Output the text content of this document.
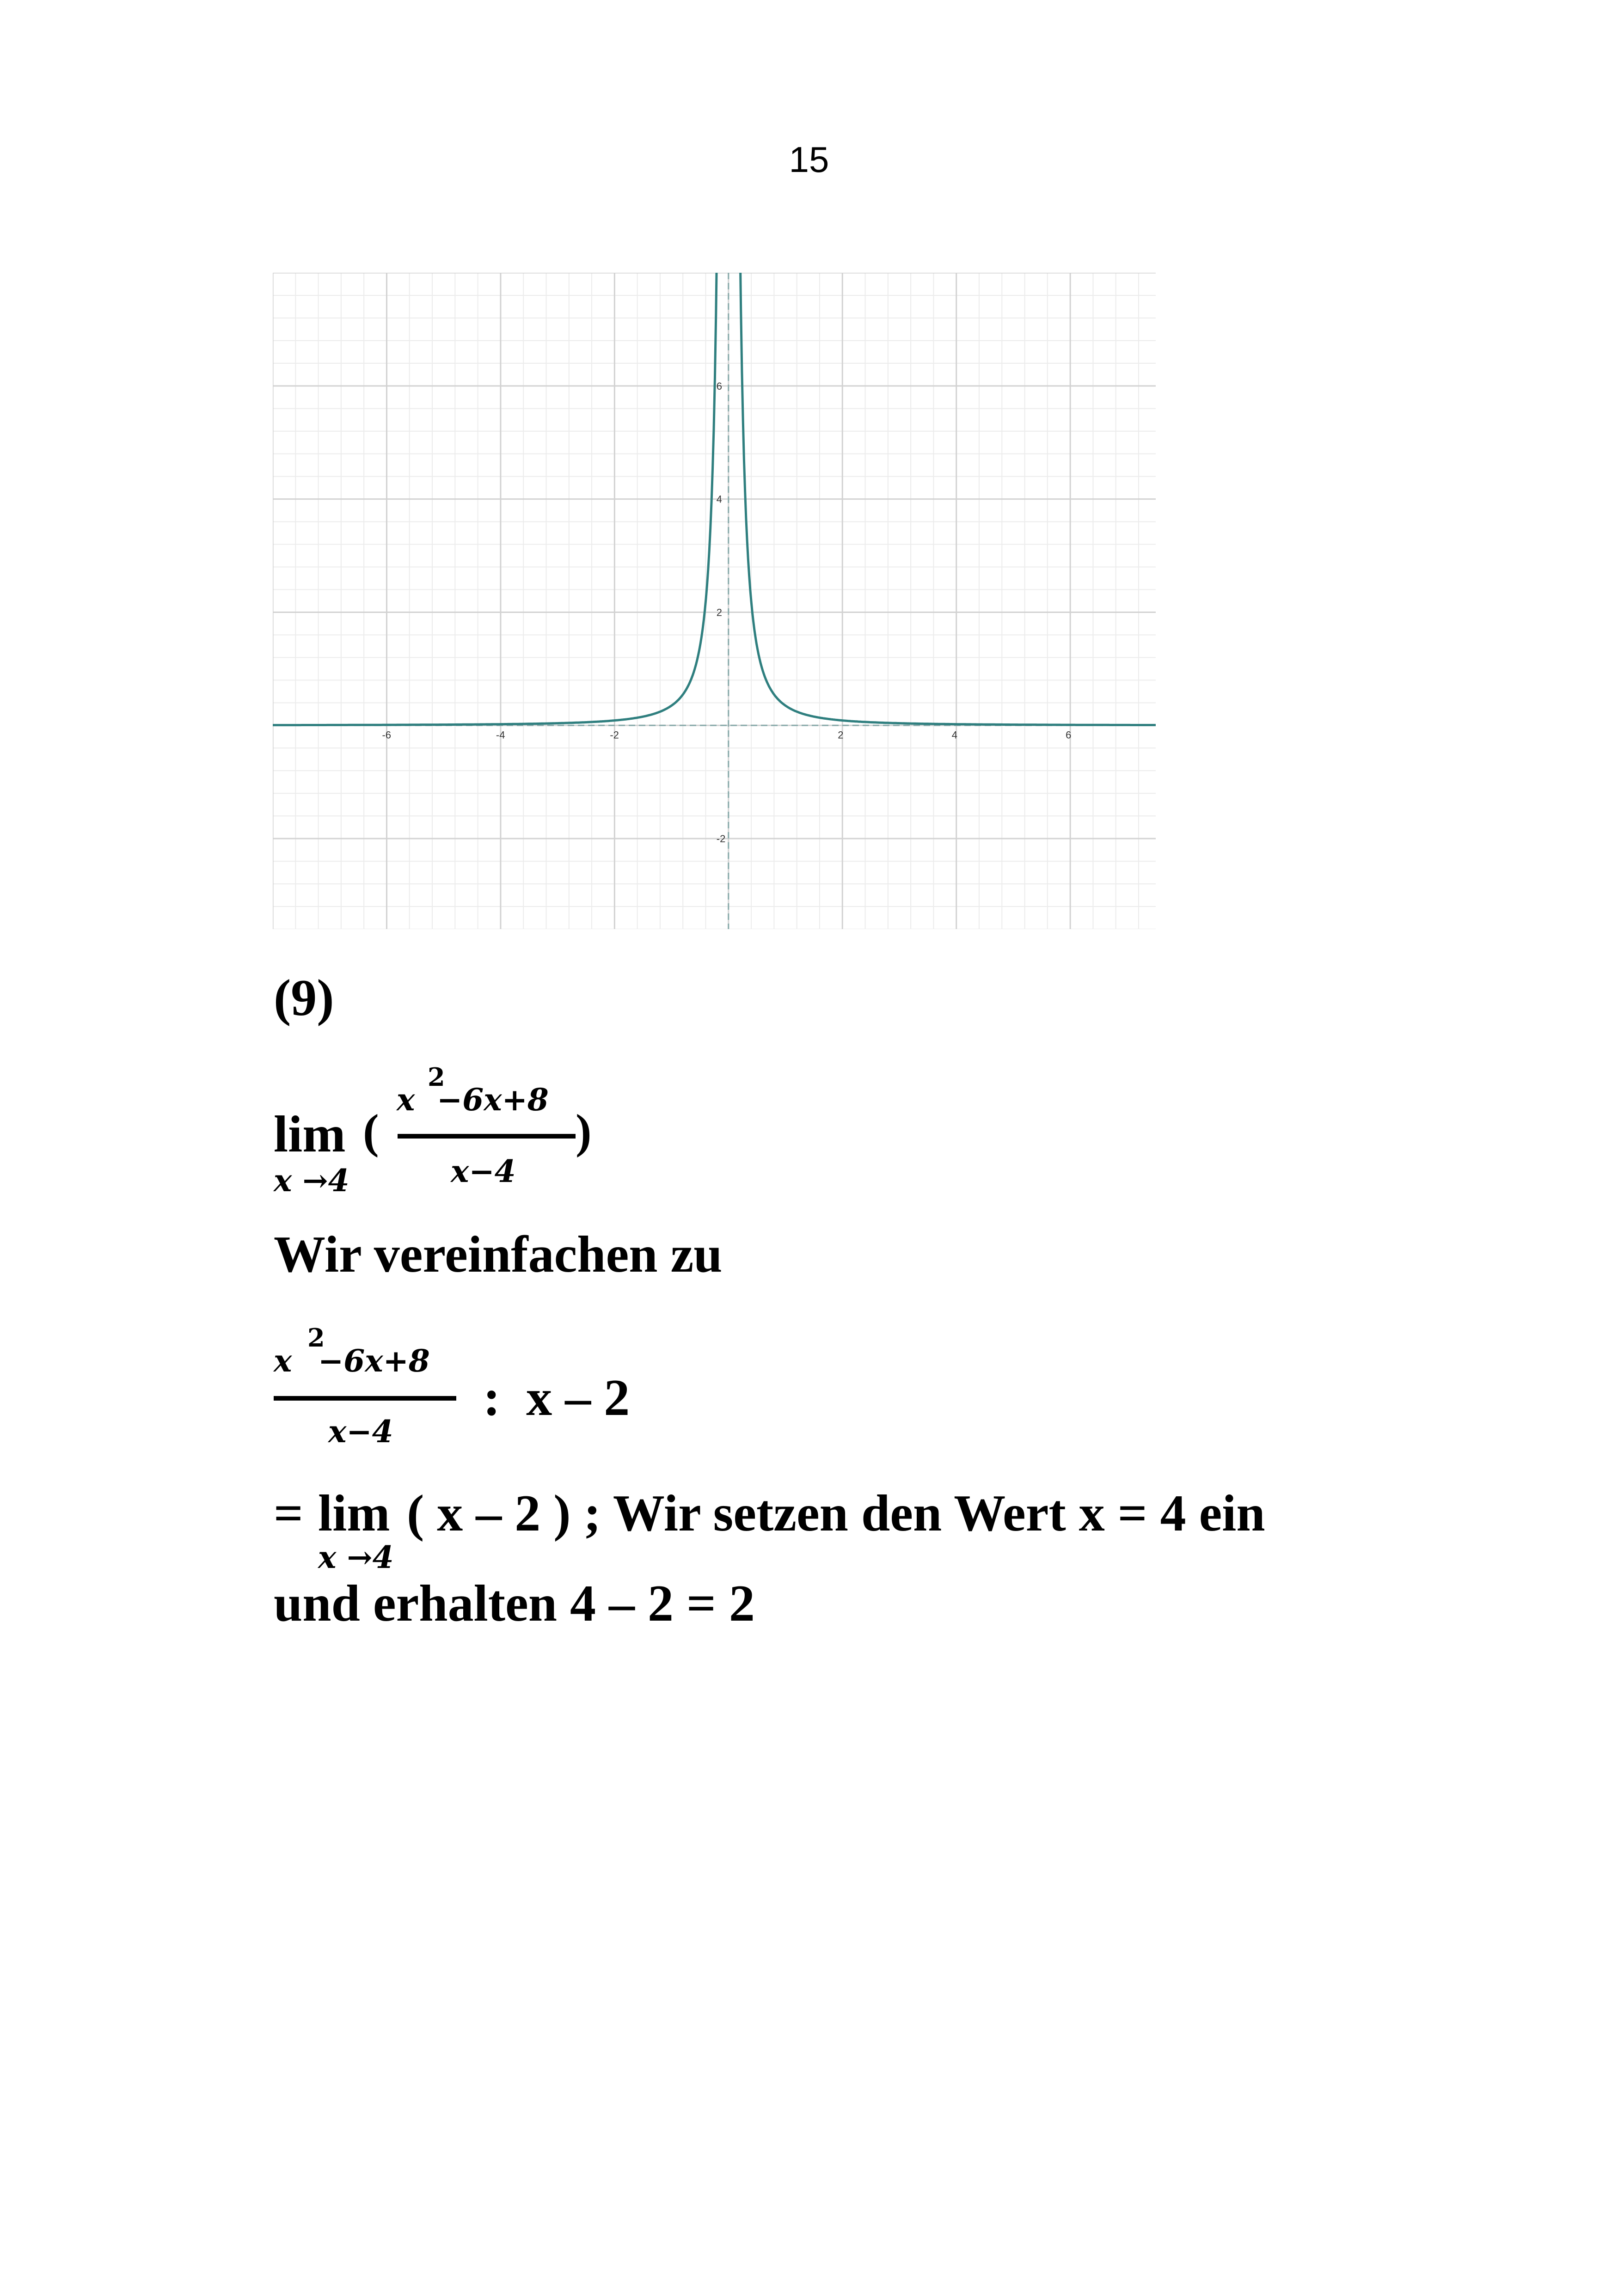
15
-6	-4	-2	2	4	6
6
4
2
-2
(9)
lim
x →4
(
2
x −6x+8
x−4
)
Wir vereinfachen zu
2
x −6x+8
x−4
:  x – 2
= lim
x →4
( x – 2 ) ; Wir setzen den Wert x = 4 ein
und erhalten 4 – 2 = 2
